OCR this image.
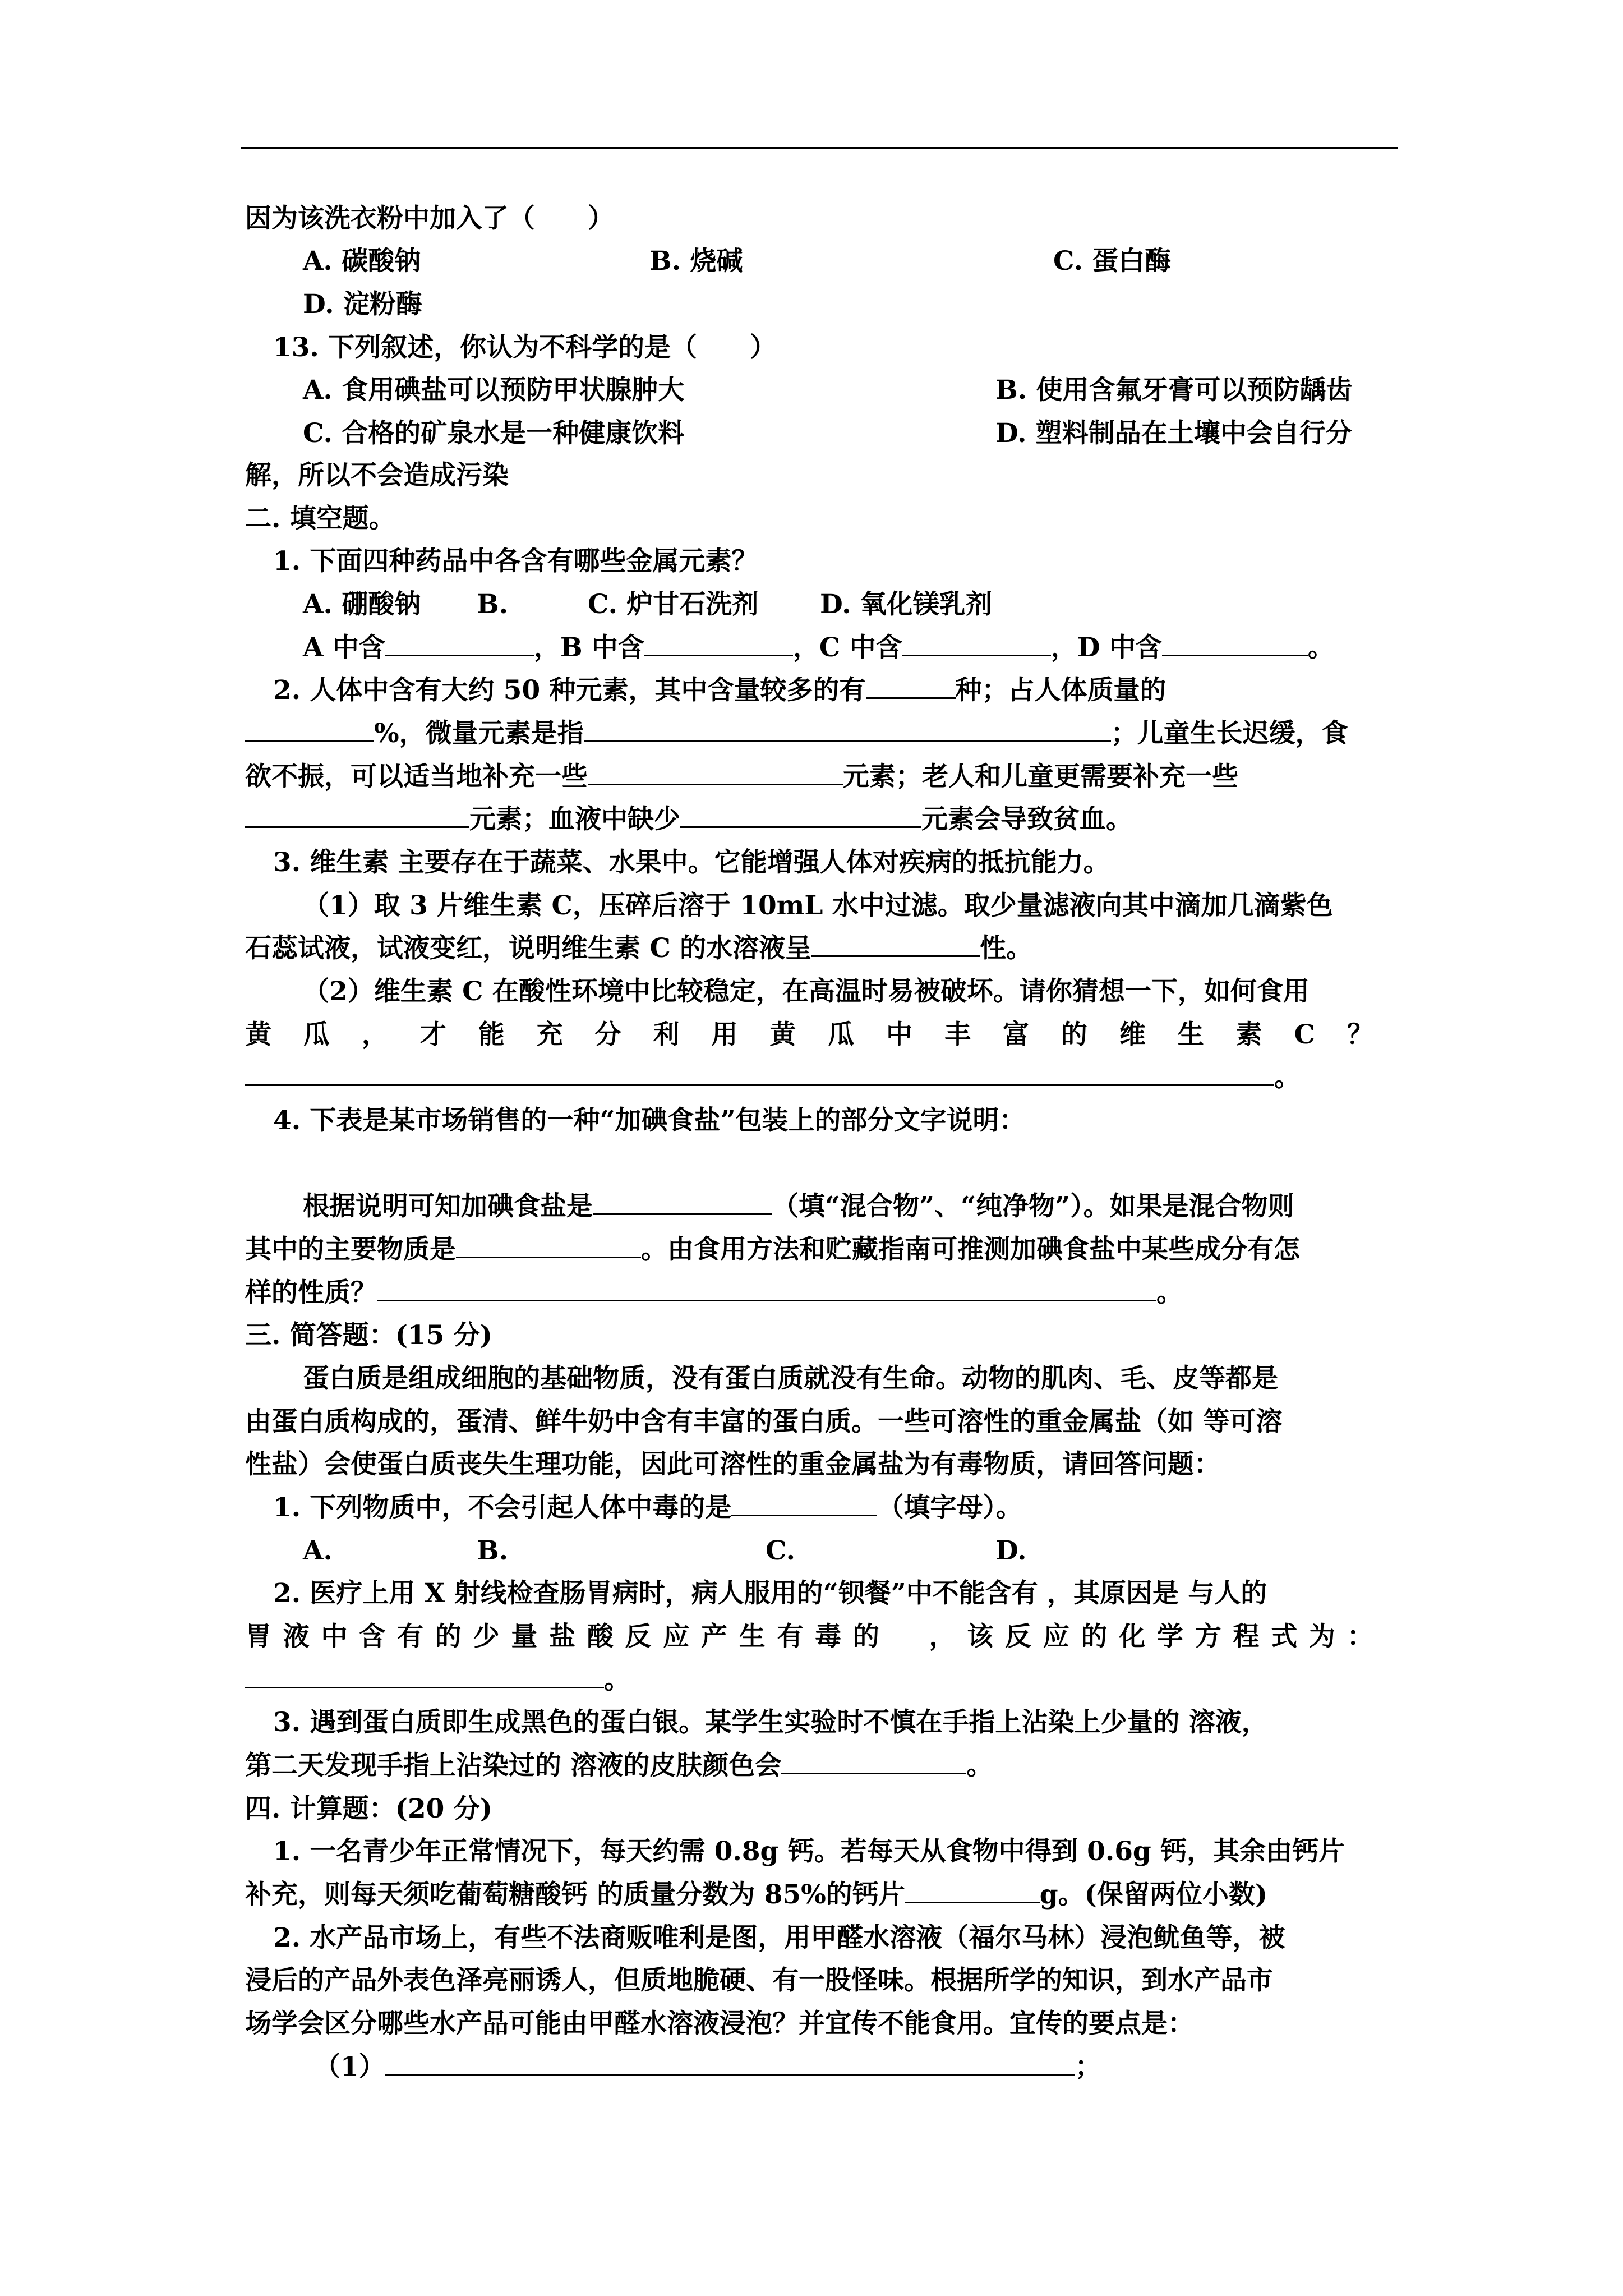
因为该洗衣粉中加入了（　　）
A. 碳酸钠	B. 烧碱	C. 蛋白酶
D. 淀粉酶
13. 下列叙述，你认为不科学的是（　　）
A. 食用碘盐可以预防甲状腺肿大	B. 使用含氟牙膏可以预防龋齿
C. 合格的矿泉水是一种健康饮料	D. 塑料制品在土壤中会自行分
解，所以不会造成污染
二. 填空题。
1. 下面四种药品中各含有哪些金属元素？
A. 硼酸钠 B.	C. 炉甘石洗剂 D. 氧化镁乳剂
A 中含	，B 中含	，C 中含	，D 中含	。
2. 人体中含有大约 50 种元素，其中含量较多的有	种；占人体质量的
%，微量元素是指	；儿童生长迟缓，食
欲不振，可以适当地补充一些	元素；老人和儿童更需要补充一些
元素；血液中缺少	元素会导致贫血。
3. 维生素 主要存在于蔬菜、水果中。它能增强人体对疾病的抵抗能力。
（1）取 3 片维生素 C，压碎后溶于 10mL 水中过滤。取少量滤液向其中滴加几滴紫色
石蕊试液，试液变红，说明维生素 C 的水溶液呈	性。
（2）维生素 C 在酸性环境中比较稳定，在高温时易被破坏。请你猜想一下，如何食用
黄 瓜 ， 才 能 充 分 利 用 黄 瓜 中 丰 富 的 维 生 素 C ？
。
4. 下表是某市场销售的一种“加碘食盐”包装上的部分文字说明：
根据说明可知加碘食盐是	（填“混合物”、“纯净物”）。如果是混合物则
其中的主要物质是	。由食用方法和贮藏指南可推测加碘食盐中某些成分有怎
样的性质？	。
三. 简答题：(15 分)
蛋白质是组成细胞的基础物质，没有蛋白质就没有生命。动物的肌肉、毛、皮等都是
由蛋白质构成的，蛋清、鲜牛奶中含有丰富的蛋白质。一些可溶性的重金属盐（如 等可溶
性盐）会使蛋白质丧失生理功能，因此可溶性的重金属盐为有毒物质，请回答问题：
1. 下列物质中，不会引起人体中毒的是	（填字母）。
A.	B.	C.	D.
2. 医疗上用 X 射线检查肠胃病时，病人服用的“钡餐”中不能含有 ，其原因是 与人的
胃 液 中 含 有 的 少 量 盐 酸 反 应 产 生 有 毒 的
　 ， 该 反 应 的 化 学 方 程 式 为 ：
。
3. 遇到蛋白质即生成黑色的蛋白银。某学生实验时不慎在手指上沾染上少量的 溶液，
第二天发现手指上沾染过的 溶液的皮肤颜色会	。
四. 计算题：(20 分)
1. 一名青少年正常情况下，每天约需 0.8g 钙。若每天从食物中得到 0.6g 钙，其余由钙片
补充，则每天须吃葡萄糖酸钙 的质量分数为 85%的钙片	g。(保留两位小数)
2. 水产品市场上，有些不法商贩唯利是图，用甲醛水溶液（福尔马林）浸泡鱿鱼等，被
浸后的产品外表色泽亮丽诱人，但质地脆硬、有一股怪味。根据所学的知识，到水产品市
场学会区分哪些水产品可能由甲醛水溶液浸泡？并宜传不能食用。宜传的要点是：
（1）	；
